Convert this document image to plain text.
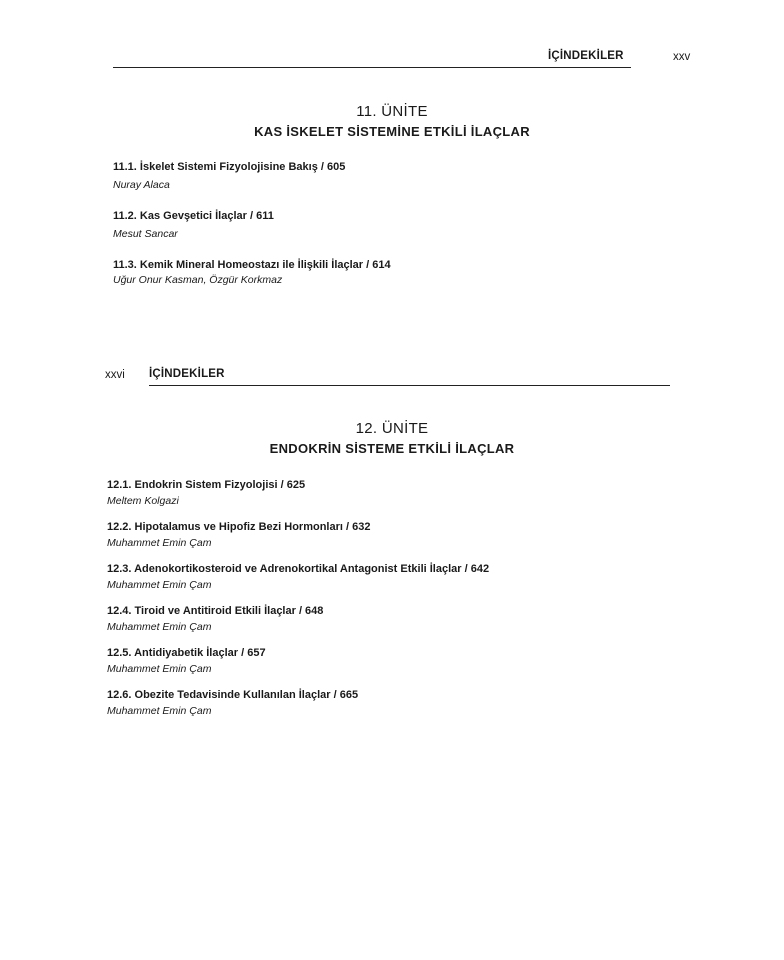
İÇİNDEKİLER	xxv
11. ÜNİTE
KAS İSKELET SİSTEMİNE ETKİLİ İLAÇLAR
11.1. İskelet Sistemi Fizyolojisine Bakış / 605
Nuray Alaca
11.2. Kas Gevşetici İlaçlar / 611
Mesut Sancar
11.3. Kemik Mineral Homeostazı ile İlişkili İlaçlar / 614
Uğur Onur Kasman, Özgür Korkmaz
xxvi İÇİNDEKİLER
12. ÜNİTE
ENDOKRİN SİSTEME ETKİLİ İLAÇLAR
12.1. Endokrin Sistem Fizyolojisi / 625
Meltem Kolgazi
12.2. Hipotalamus ve Hipofiz Bezi Hormonları / 632
Muhammet Emin Çam
12.3. Adenokortikosteroid ve Adrenokortikal Antagonist Etkili İlaçlar / 642
Muhammet Emin Çam
12.4. Tiroid ve Antitiroid Etkili İlaçlar / 648
Muhammet Emin Çam
12.5. Antidiyabetik İlaçlar / 657
Muhammet Emin Çam
12.6. Obezite Tedavisinde Kullanılan İlaçlar / 665
Muhammet Emin Çam
